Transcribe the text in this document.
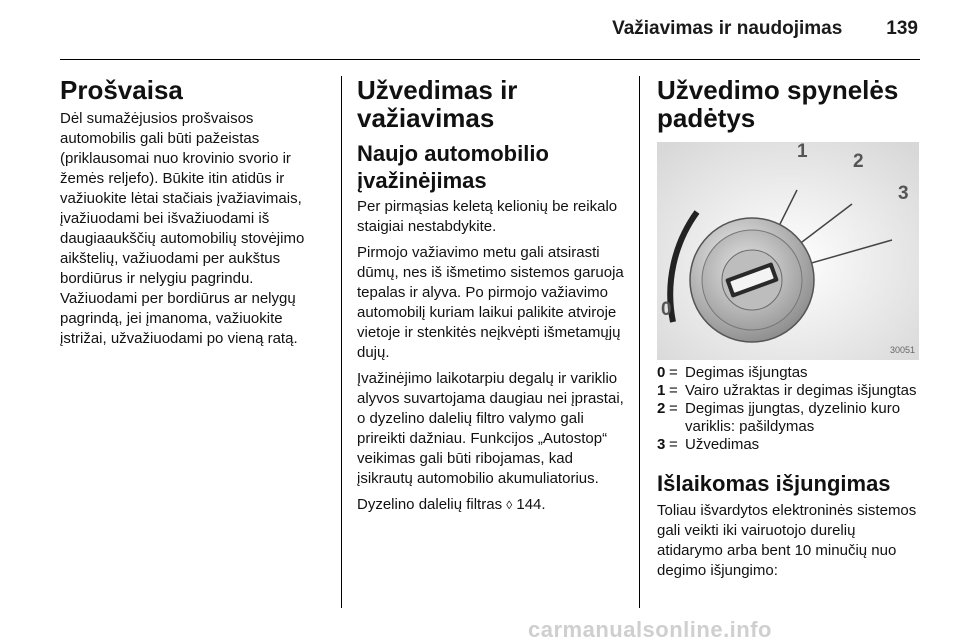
Važiavimas ir naudojimas 139
Prošvaisa

Dėl sumažėjusios prošvaisos automobilis gali būti pažeistas (priklausomai nuo krovinio svorio ir žemės reljefo). Būkite itin atidūs ir važiuokite lėtai stačiais įvažiavimais, įvažiuodami bei išvažiuodami iš daugiaaukščių automobilių stovėjimo aikštelių, važiuodami per aukštus bordiūrus ir nelygiu pagrindu.

Važiuodami per bordiūrus ar nelygų pagrindą, jei įmanoma, važiuokite įstrižai, užvažiuodami po vieną ratą.

Užvedimas ir važiavimas
Naujo automobilio įvažinėjimas

Per pirmąsias keletą kelionių be reikalo staigiai nestabdykite.

Pirmojo važiavimo metu gali atsirasti dūmų, nes iš išmetimo sistemos garuoja tepalas ir alyva. Po pirmojo važiavimo automobilį kuriam laikui palikite atviroje vietoje ir stenkitės neįkvėpti išmetamųjų dujų.

Įvažinėjimo laikotarpiu degalų ir variklio alyvos suvartojama daugiau nei įprastai, o dyzelino dalelių filtro valymo gali prireikti dažniau. Funkcijos „Autostop“ veikimas gali būti ribojamas, kad įsikrautų automobilio akumuliatorius.

Dyzelino dalelių filtras ◊ 144.

Užvedimo spynelės padėtys
0
1 2
3
30051
0 = Degimas išjungtas
1 = Vairo užraktas ir degimas išjungtas
2 = Degimas įjungtas, dyzelinio kuro variklis: pašildymas
3 = Užvedimas
Išlaikomas išjungimas

Toliau išvardytos elektroninės sistemos gali veikti iki vairuotojo durelių atidarymo arba bent 10 minučių nuo degimo išjungimo:

carmanualsonline.info
